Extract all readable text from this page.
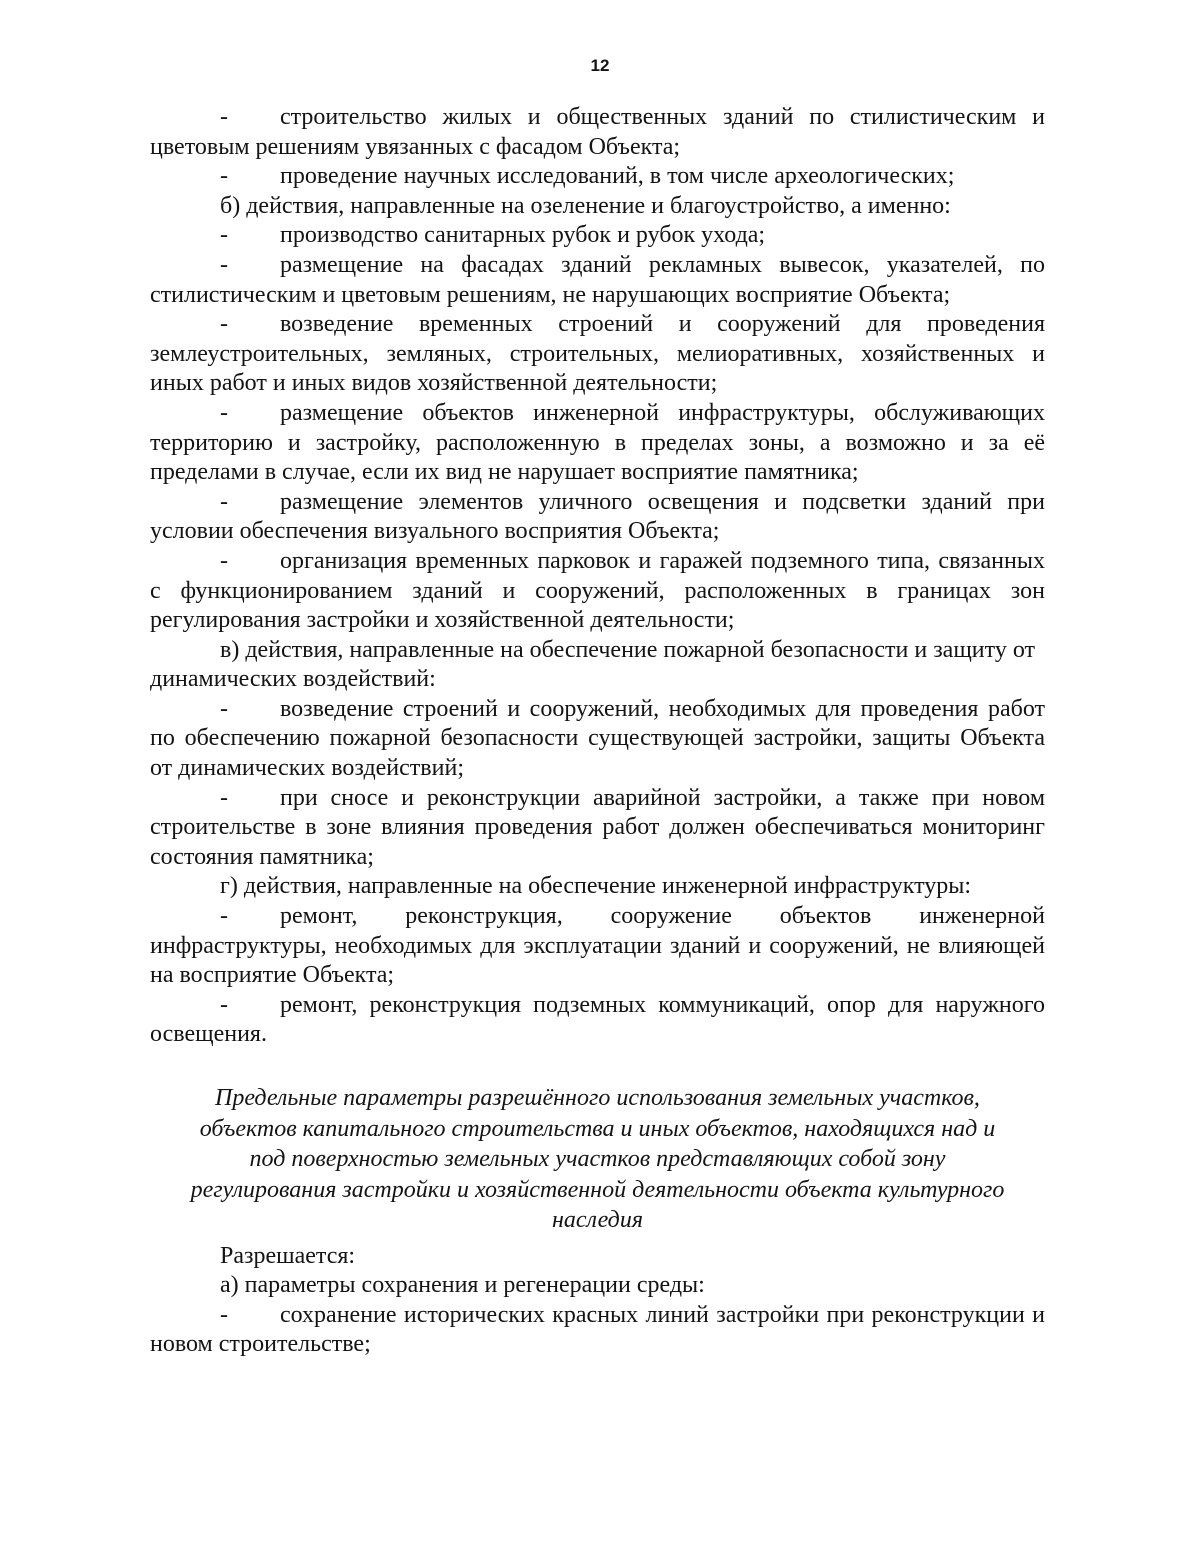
12

- строительство жилых и общественных зданий по стилистическим и цветовым решениям увязанных с фасадом Объекта;

- проведение научных исследований, в том числе археологических;

б) действия, направленные на озеленение и благоустройство, а именно:

- производство санитарных рубок и рубок ухода;

- размещение на фасадах зданий рекламных вывесок, указателей, по стилистическим и цветовым решениям, не нарушающих восприятие Объекта;

- возведение временных строений и сооружений для проведения землеустроительных, земляных, строительных, мелиоративных, хозяйственных и иных работ и иных видов хозяйственной деятельности;

- размещение объектов инженерной инфраструктуры, обслуживающих территорию и застройку, расположенную в пределах зоны, а возможно и за её пределами в случае, если их вид не нарушает восприятие памятника;

- размещение элементов уличного освещения и подсветки зданий при условии обеспечения визуального восприятия Объекта;

- организация временных парковок и гаражей подземного типа, связанных с функционированием зданий и сооружений, расположенных в границах зон регулирования застройки и хозяйственной деятельности;

в) действия, направленные на обеспечение пожарной безопасности и защиту от динамических воздействий:

- возведение строений и сооружений, необходимых для проведения работ по обеспечению пожарной безопасности существующей застройки, защиты Объекта от динамических воздействий;

- при сносе и реконструкции аварийной застройки, а также при новом строительстве в зоне влияния проведения работ должен обеспечиваться мониторинг состояния памятника;

г) действия, направленные на обеспечение инженерной инфраструктуры:

- ремонт, реконструкция, сооружение объектов инженерной инфраструктуры, необходимых для эксплуатации зданий и сооружений, не влияющей на восприятие Объекта;

- ремонт, реконструкция подземных коммуникаций, опор для наружного освещения.

Предельные параметры разрешённого использования земельных участков, объектов капитального строительства и иных объектов, находящихся над и под поверхностью земельных участков представляющих собой зону регулирования застройки и хозяйственной деятельности объекта культурного наследия

Разрешается:

а) параметры сохранения и регенерации среды:

- сохранение исторических красных линий застройки при реконструкции и новом строительстве;
